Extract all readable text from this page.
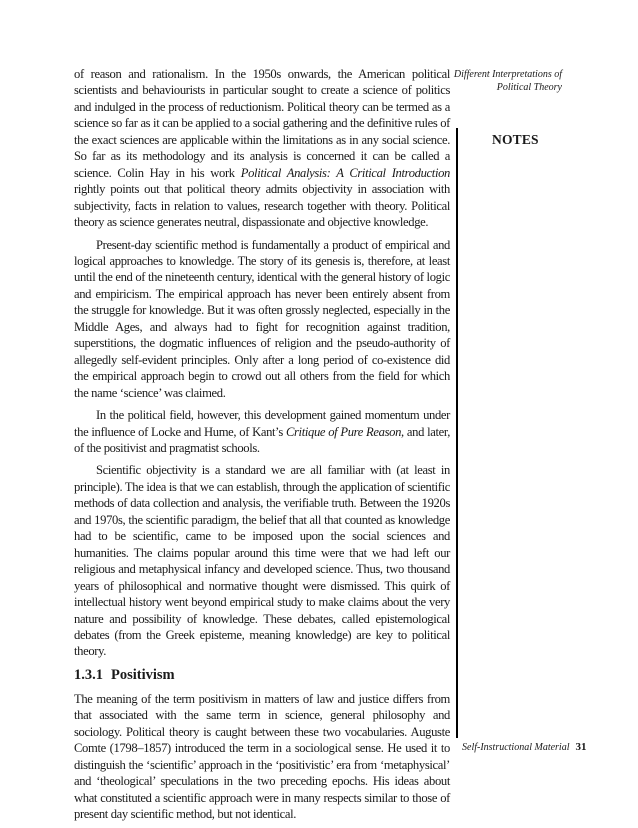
Different Interpretations of
Political Theory
NOTES

of reason and rationalism. In the 1950s onwards, the American political scientists and behaviourists in particular sought to create a science of politics and indulged in the process of reductionism. Political theory can be termed as a science so far as it can be applied to a social gathering and the definitive rules of the exact sciences are applicable within the limitations as in any social science. So far as its methodology and its analysis is concerned it can be called a science. Colin Hay in his work Political Analysis: A Critical Introduction rightly points out that political theory admits objectivity in association with subjectivity, facts in relation to values, research together with theory. Political theory as science generates neutral, dispassionate and objective knowledge.

Present-day scientific method is fundamentally a product of empirical and logical approaches to knowledge. The story of its genesis is, therefore, at least until the end of the nineteenth century, identical with the general history of logic and empiricism. The empirical approach has never been entirely absent from the struggle for knowledge. But it was often grossly neglected, especially in the Middle Ages, and always had to fight for recognition against tradition, superstitions, the dogmatic influences of religion and the pseudo-authority of allegedly self-evident principles. Only after a long period of co-existence did the empirical approach begin to crowd out all others from the field for which the name ‘science’ was claimed.

In the political field, however, this development gained momentum under the influence of Locke and Hume, of Kant’s Critique of Pure Reason, and later, of the positivist and pragmatist schools.

Scientific objectivity is a standard we are all familiar with (at least in principle). The idea is that we can establish, through the application of scientific methods of data collection and analysis, the verifiable truth. Between the 1920s and 1970s, the scientific paradigm, the belief that all that counted as knowledge had to be scientific, came to be imposed upon the social sciences and humanities. The claims popular around this time were that we had left our religious and metaphysical infancy and developed science. Thus, two thousand years of philosophical and normative thought were dismissed. This quirk of intellectual history went beyond empirical study to make claims about the very nature and possibility of knowledge. These debates, called epistemological debates (from the Greek episteme, meaning knowledge) are key to political theory.

1.3.1 Positivism

The meaning of the term positivism in matters of law and justice differs from that associated with the same term in science, general philosophy and sociology. Political theory is caught between these two vocabularies. Auguste Comte (1798–1857) introduced the term in a sociological sense. He used it to distinguish the ‘scientific’ approach in the ‘positivistic’ era from ‘metaphysical’ and ‘theological’ speculations in the two preceding epochs. His ideas about what constituted a scientific approach were in many respects similar to those of present day scientific method, but not identical.

Self-Instructional Material 31
